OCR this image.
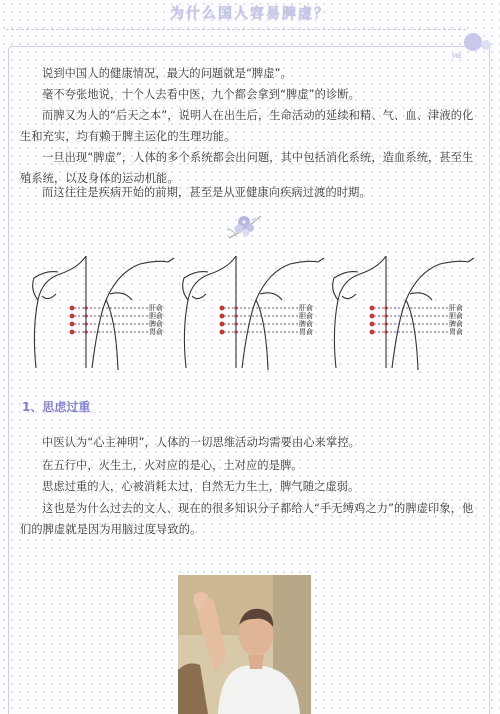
为什么国人容易脾虚？
MB

说到中国人的健康情况，最大的问题就是“脾虚”。

毫不夸张地说，十个人去看中医，九个都会拿到“脾虚”的诊断。

而脾又为人的“后天之本”，说明人在出生后，生命活动的延续和精、气、血、津液的化生和充实，均有赖于脾主运化的生理功能。

一旦出现“脾虚”，人体的多个系统都会出问题，其中包括消化系统，造血系统，甚至生殖系统，以及身体的运动机能。

而这往往是疾病开始的前期，甚至是从亚健康向疾病过渡的时期。

肝俞
胆俞
脾俞
胃俞
肝俞
胆俞
脾俞
胃俞
肝俞
胆俞
脾俞
胃俞
1、思虑过重

中医认为“心主神明”，人体的一切思维活动均需要由心来掌控。

在五行中，火生土，火对应的是心，土对应的是脾。

思虑过重的人，心被消耗太过，自然无力生土，脾气随之虚弱。

这也是为什么过去的文人、现在的很多知识分子都给人“手无缚鸡之力”的脾虚印象，他们的脾虚就是因为用脑过度导致的。
